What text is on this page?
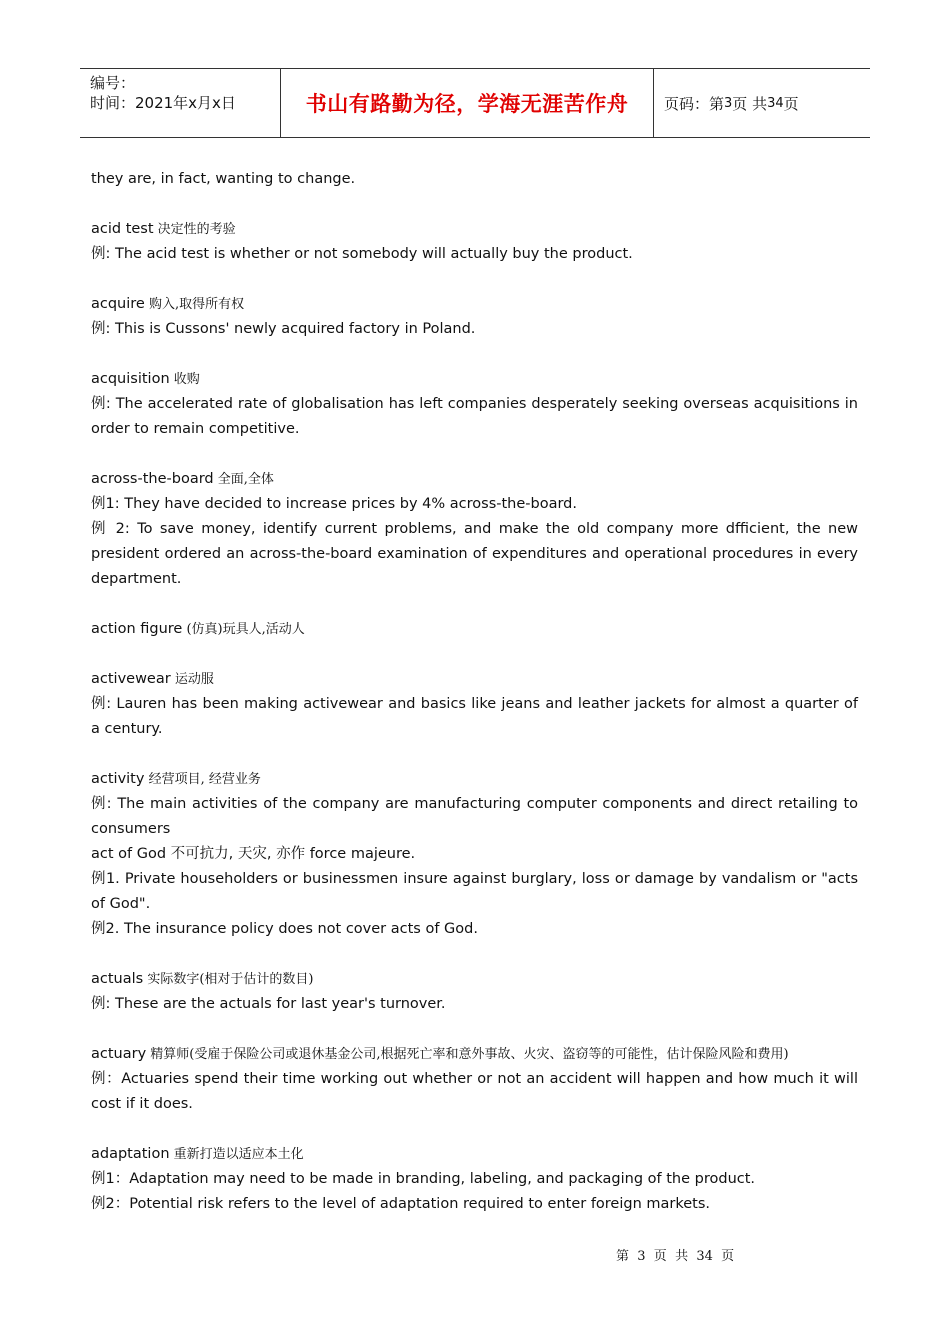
编号：
时间：2021年x月x日	书山有路勤为径，学海无涯苦作舟	页码：第 3 页 共 34 页
they are, in fact, wanting to change.
acid test 决定性的考验
例: The acid test is whether or not somebody will actually buy the product.
acquire 购入,取得所有权
例: This is Cussons' newly acquired factory in Poland.
acquisition 收购
例: The accelerated rate of globalisation has left companies desperately seeking overseas acquisitions in order to remain competitive.
across-the-board 全面,全体
例1: They have decided to increase prices by 4% across-the-board.
例 2: To save money, identify current problems, and make the old company more dfficient, the new president ordered an across-the-board examination of expenditures and operational procedures in every department.
action figure (仿真)玩具人,活动人
activewear 运动服
例: Lauren has been making activewear and basics like jeans and leather jackets for almost a quarter of a century.
activity 经营项目, 经营业务
例: The main activities of the company are manufacturing computer components and direct retailing to consumers
act of God 不可抗力, 天灾, 亦作 force majeure.
例1. Private householders or businessmen insure against burglary, loss or damage by vandalism or "acts of God".
例2. The insurance policy does not cover acts of God.
actuals 实际数字(相对于估计的数目)
例: These are the actuals for last year's turnover.
actuary 精算师(受雇于保险公司或退休基金公司,根据死亡率和意外事故、火灾、盗窃等的可能性，估计保险风险和费用)
例：Actuaries spend their time working out whether or not an accident will happen and how much it will cost if it does.
adaptation 重新打造以适应本土化
例1：Adaptation may need to be made in branding, labeling, and packaging of the product.
例2：Potential risk refers to the level of adaptation required to enter foreign markets.
第  3  页  共  34  页
